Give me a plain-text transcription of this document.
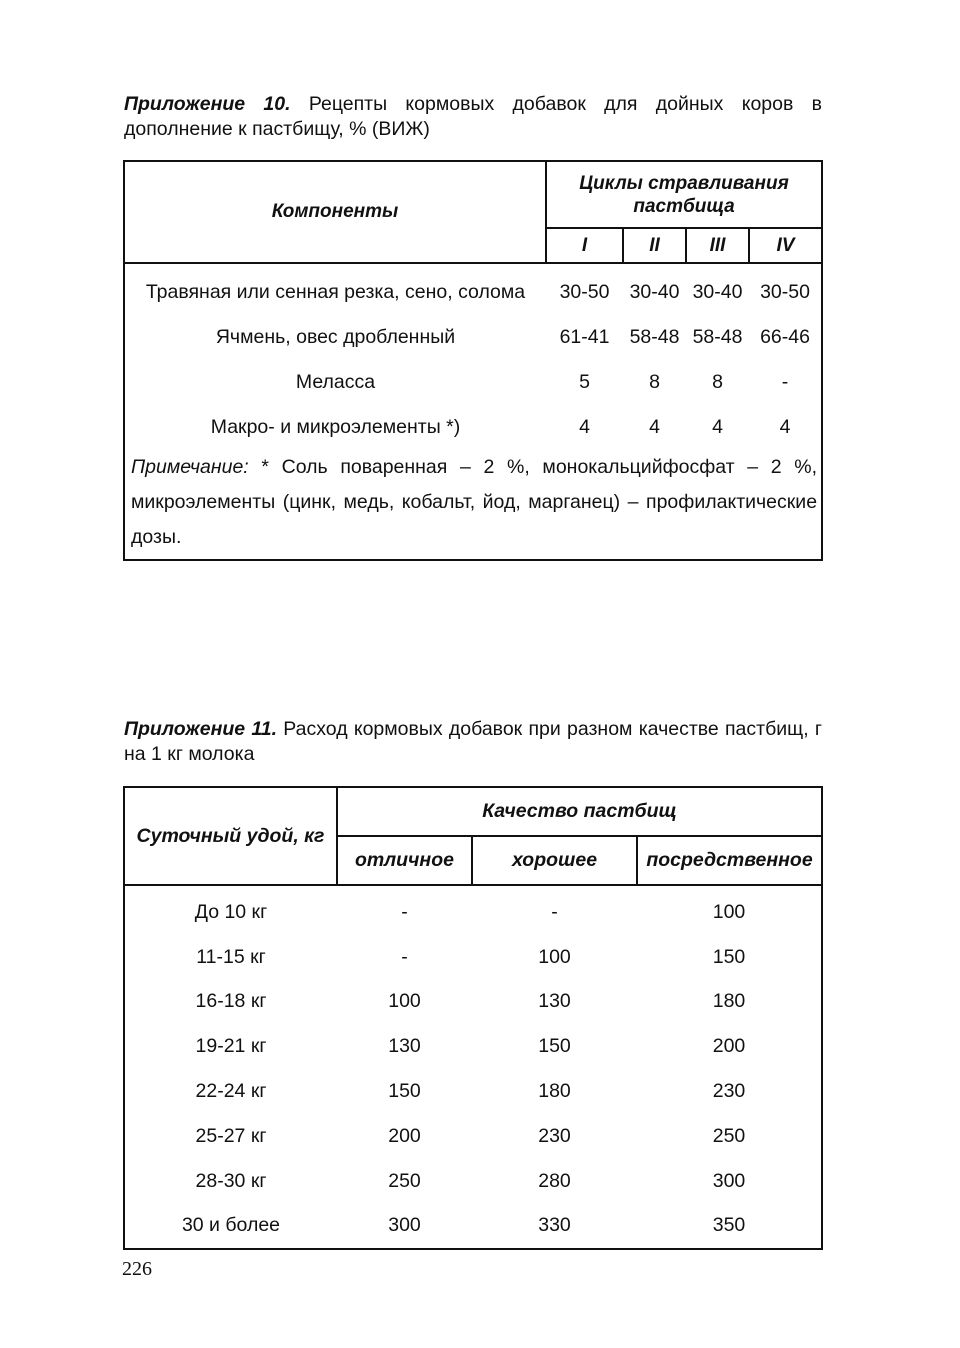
Приложение 10. Рецепты кормовых добавок для дойных коров в дополнение к пастбищу, % (ВИЖ)
Компоненты	Циклы стравливания пастбища			
	I	II	III	IV
Травяная или сенная резка, сено, солома	30-50	30-40	30-40	30-50
Ячмень, овес дробленный	61-41	58-48	58-48	66-46
Меласса	5	8	8	-
Макро- и микроэлементы *)	4	4	4	4
Примечание: * Соль поваренная – 2 %, монокальцийфосфат – 2 %, микроэлементы (цинк, медь, кобальт, йод, марганец) – профилактические дозы.				
Приложение 11. Расход кормовых добавок при разном качестве пастбищ, г на 1 кг молока
Суточный удой, кг	Качество пастбищ		
	отличное	хорошее	посредственное
До 10 кг	-	-	100
11-15 кг	-	100	150
16-18 кг	100	130	180
19-21 кг	130	150	200
22-24 кг	150	180	230
25-27 кг	200	230	250
28-30 кг	250	280	300
30 и более	300	330	350
226
